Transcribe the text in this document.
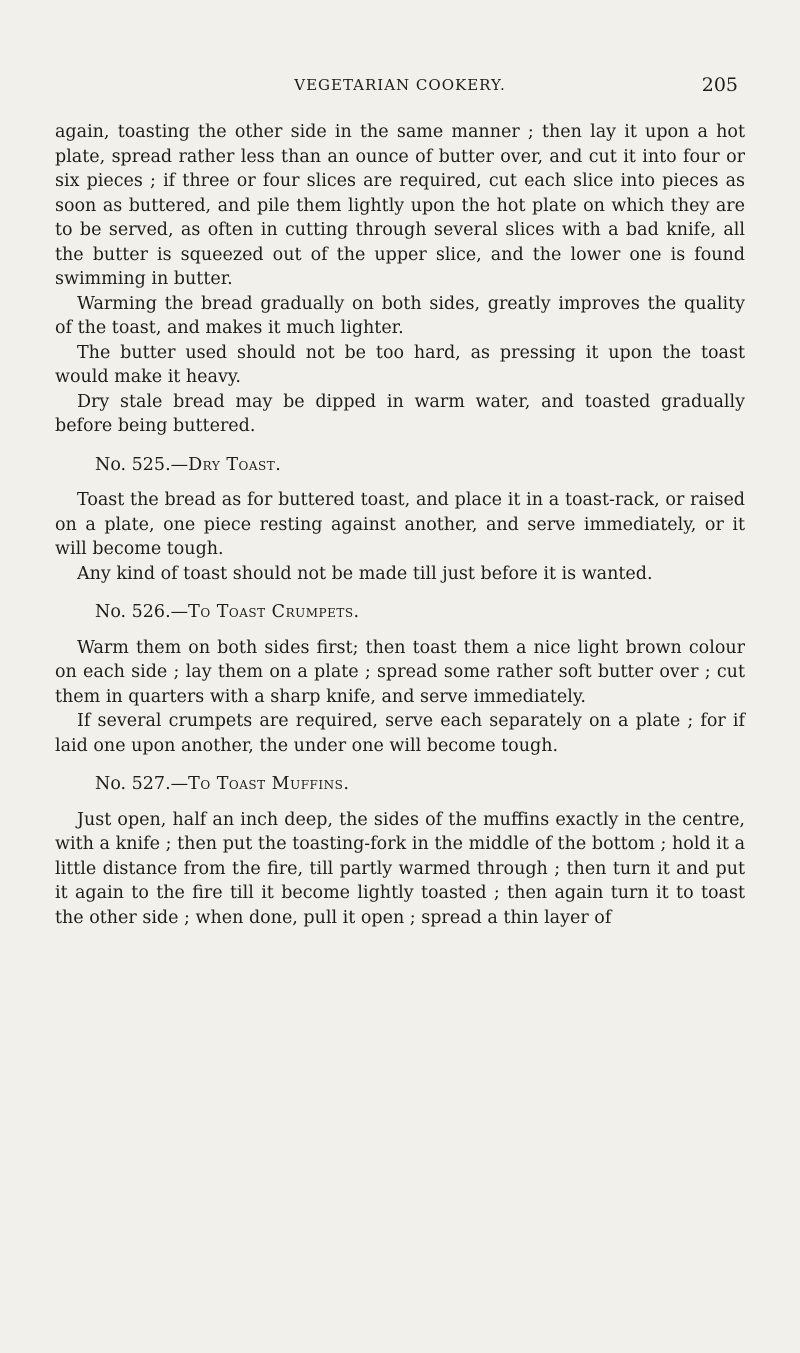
VEGETARIAN COOKERY.	205

again, toasting the other side in the same manner ; then lay it upon a hot plate, spread rather less than an ounce of butter over, and cut it into four or six pieces ; if three or four slices are required, cut each slice into pieces as soon as buttered, and pile them lightly upon the hot plate on which they are to be served, as often in cutting through several slices with a bad knife, all the butter is squeezed out of the upper slice, and the lower one is found swimming in butter.

Warming the bread gradually on both sides, greatly improves the quality of the toast, and makes it much lighter.

The butter used should not be too hard, as pressing it upon the toast would make it heavy.

Dry stale bread may be dipped in warm water, and toasted gradually before being buttered.

No. 525.—Dry Toast.

Toast the bread as for buttered toast, and place it in a toast-rack, or raised on a plate, one piece resting against another, and serve immediately, or it will become tough.

Any kind of toast should not be made till just before it is wanted.

No. 526.—To Toast Crumpets.

Warm them on both sides first; then toast them a nice light brown colour on each side ; lay them on a plate ; spread some rather soft butter over ; cut them in quarters with a sharp knife, and serve immediately.

If several crumpets are required, serve each separately on a plate ; for if laid one upon another, the under one will become tough.

No. 527.—To Toast Muffins.

Just open, half an inch deep, the sides of the muffins exactly in the centre, with a knife ; then put the toasting-fork in the middle of the bottom ; hold it a little distance from the fire, till partly warmed through ; then turn it and put it again to the fire till it become lightly toasted ; then again turn it to toast the other side ; when done, pull it open ; spread a thin layer of
